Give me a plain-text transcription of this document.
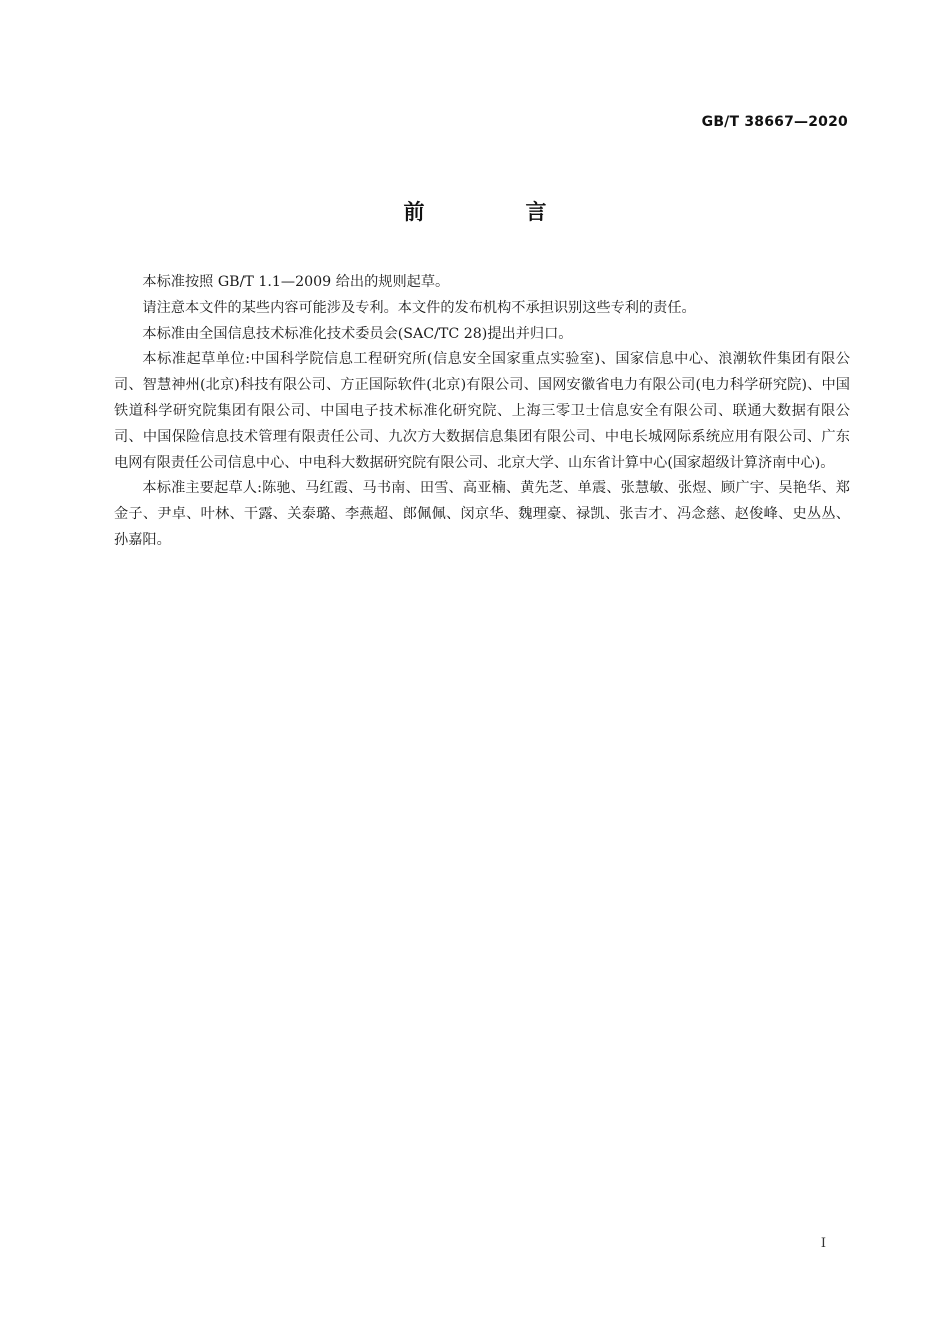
GB/T 38667—2020
前　言

本标准按照 GB/T 1.1—2009 给出的规则起草。

请注意本文件的某些内容可能涉及专利。本文件的发布机构不承担识别这些专利的责任。

本标准由全国信息技术标准化技术委员会(SAC/TC 28)提出并归口。

本标准起草单位:中国科学院信息工程研究所(信息安全国家重点实验室)、国家信息中心、浪潮软件集团有限公司、智慧神州(北京)科技有限公司、方正国际软件(北京)有限公司、国网安徽省电力有限公司(电力科学研究院)、中国铁道科学研究院集团有限公司、中国电子技术标准化研究院、上海三零卫士信息安全有限公司、联通大数据有限公司、中国保险信息技术管理有限责任公司、九次方大数据信息集团有限公司、中电长城网际系统应用有限公司、广东电网有限责任公司信息中心、中电科大数据研究院有限公司、北京大学、山东省计算中心(国家超级计算济南中心)。

本标准主要起草人:陈驰、马红霞、马书南、田雪、高亚楠、黄先芝、单震、张慧敏、张煜、顾广宇、吴艳华、郑金子、尹卓、叶林、干露、关泰璐、李燕超、郎佩佩、闵京华、魏理豪、禄凯、张吉才、冯念慈、赵俊峰、史丛丛、孙嘉阳。

I
